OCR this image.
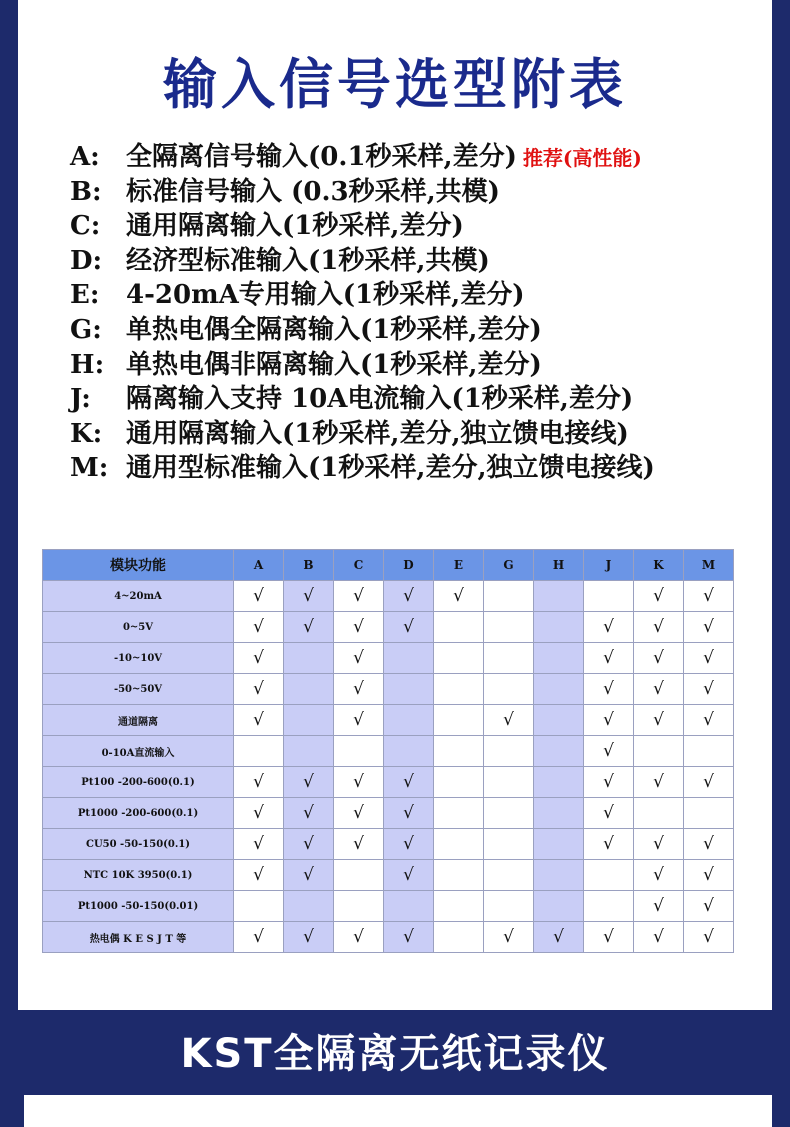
输入信号选型附表
A: 全隔离信号输入(0.1秒采样,差分) 推荐(高性能)
B: 标准信号输入 (0.3秒采样,共模)
C: 通用隔离输入(1秒采样,差分)
D: 经济型标准输入(1秒采样,共模)
E: 4-20mA专用输入(1秒采样,差分)
G: 单热电偶全隔离输入(1秒采样,差分)
H: 单热电偶非隔离输入(1秒采样,差分)
J: 隔离输入支持 10A电流输入(1秒采样,差分)
K: 通用隔离输入(1秒采样,差分,独立馈电接线)
M: 通用型标准输入(1秒采样,差分,独立馈电接线)
模块功能	A	B	C	D	E	G	H	J	K	M
4~20mA	√	√	√	√	√				√	√
0~5V	√	√	√	√				√	√	√
-10~10V	√		√					√	√	√
-50~50V	√		√					√	√	√
通道隔离	√		√			√		√	√	√
0-10A直流输入								√		
Pt100 -200-600(0.1)	√	√	√	√				√	√	√
Pt1000 -200-600(0.1)	√	√	√	√				√		
CU50 -50-150(0.1)	√	√	√	√				√	√	√
NTC 10K 3950(0.1)	√	√		√					√	√
Pt1000 -50-150(0.01)									√	√
热电偶 K E S J T 等	√	√	√	√		√	√	√	√	√
KST全隔离无纸记录仪
